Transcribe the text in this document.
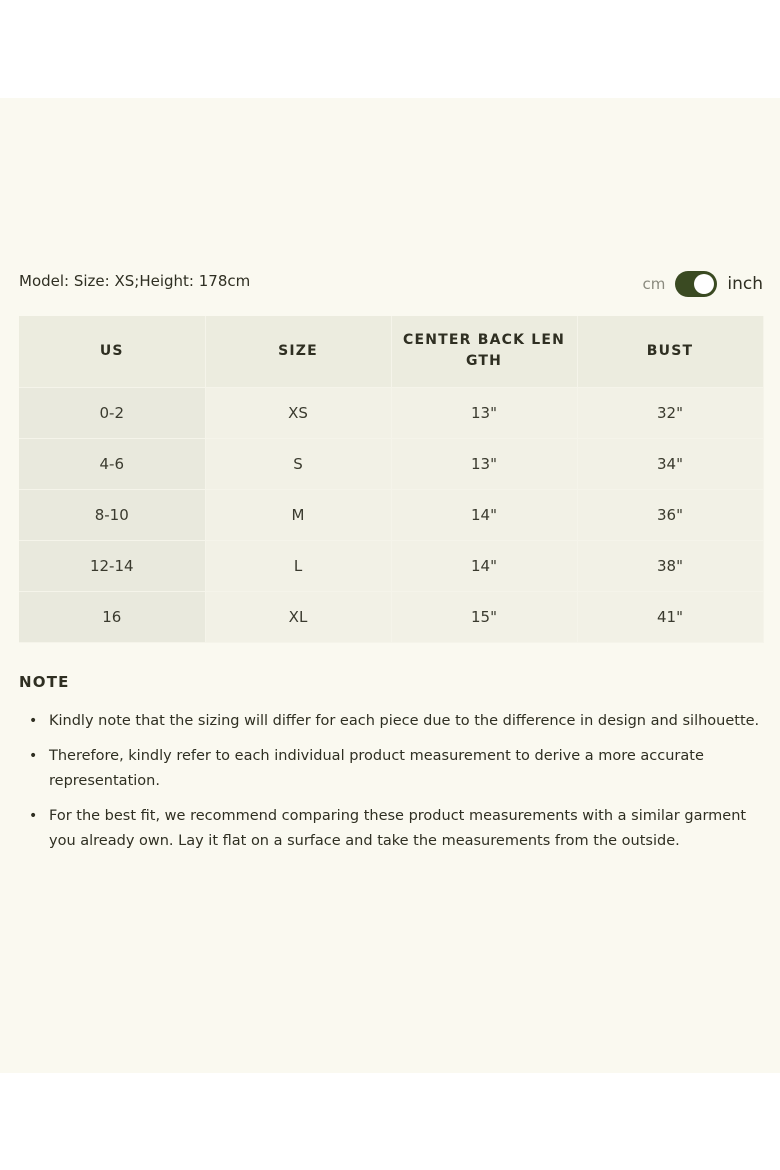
Model: Size: XS;Height: 178cm	cm	inch
US	SIZE	CENTER BACK LENGTH	BUST
0-2	XS	13"	32"
4-6	S	13"	34"
8-10	M	14"	36"
12-14	L	14"	38"
16	XL	15"	41"
NOTE
• Kindly note that the sizing will differ for each piece due to the difference in design and silhouette.
• Therefore, kindly refer to each individual product measurement to derive a more accurate representation.
• For the best fit, we recommend comparing these product measurements with a similar garment you already own. Lay it flat on a surface and take the measurements from the outside.
